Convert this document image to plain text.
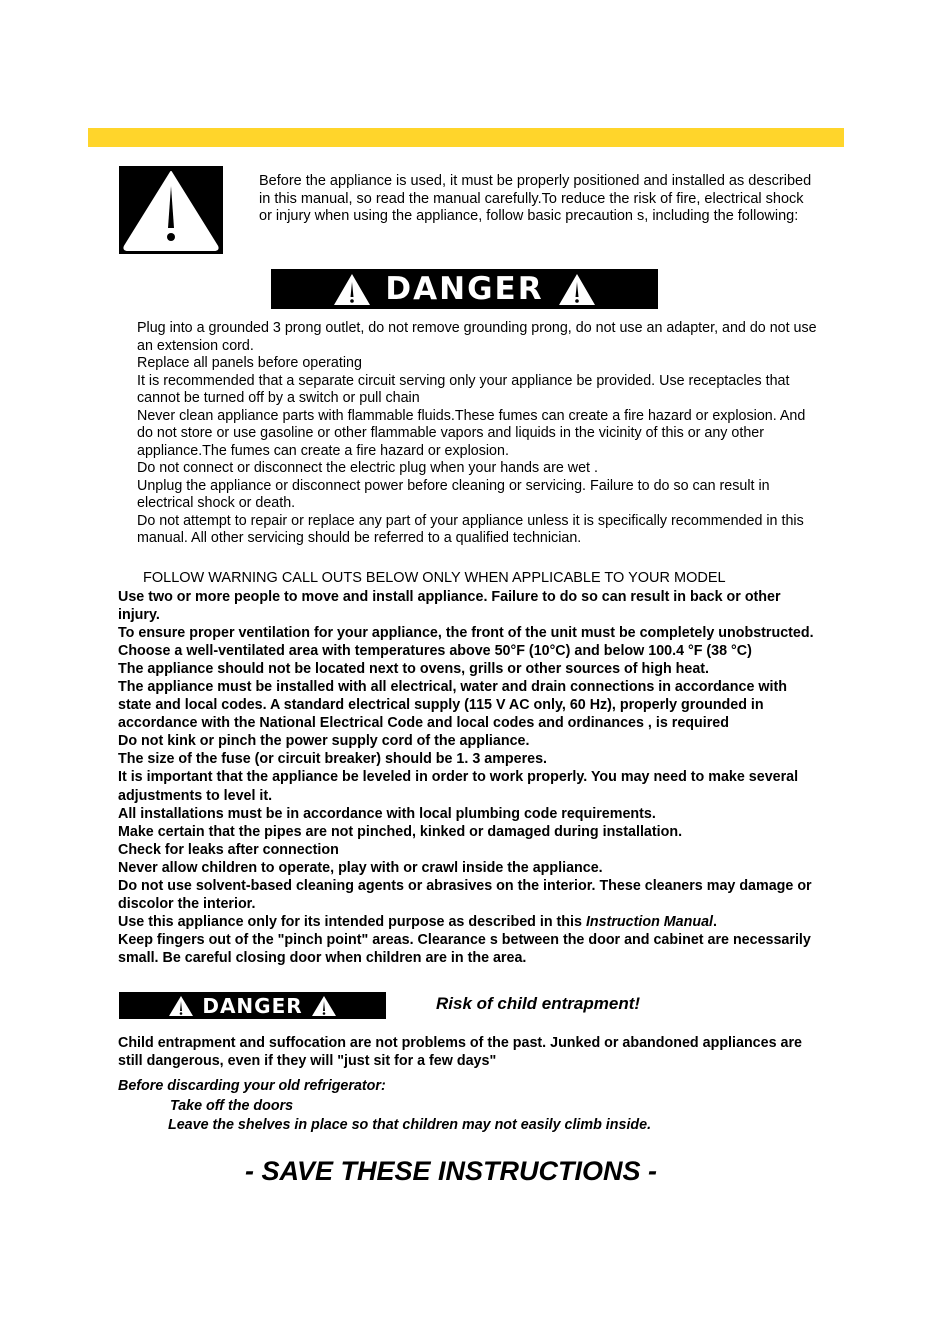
Before the appliance is used, it must be properly positioned and installed as described in this manual, so read the manual carefully.To reduce the risk of fire, electrical shock or injury when using the appliance, follow basic precaution s, including the following:

DANGER
Plug into a grounded 3 prong outlet, do not remove grounding prong, do not use an adapter, and do not use an extension cord.
Replace all panels before operating
It is recommended that a separate circuit serving only your appliance be provided. Use receptacles that cannot be turned off by a switch or pull chain
Never clean appliance parts with flammable fluids.These fumes can create a fire hazard or explosion. And do not store or use gasoline or other flammable vapors and liquids in the vicinity of this or any other appliance.The fumes can create a fire hazard or explosion.
Do not connect or disconnect the electric plug when your hands are wet .
Unplug the appliance or disconnect power before cleaning or servicing. Failure to do so can result in electrical shock or death.
Do not attempt to repair or replace any part of your appliance unless it is specifically recommended in this manual. All other servicing should be referred to a qualified technician.

FOLLOW WARNING CALL OUTS BELOW ONLY WHEN APPLICABLE TO YOUR MODEL

Use two or more people to move and install appliance. Failure to do so can result in back or other injury.
To ensure proper ventilation for your appliance, the front of the unit must be completely unobstructed.
Choose a well-ventilated area with temperatures above 50°F (10°C) and below 100.4 °F (38 °C)
The appliance should not be located next to ovens, grills or other sources of high heat.
The appliance must be installed with all electrical, water and drain connections in accordance with state and local codes. A standard electrical supply (115 V AC only, 60 Hz), properly grounded in accordance with the National Electrical Code and local codes and ordinances , is required
Do not kink or pinch the power supply cord of the appliance.
The size of the fuse (or circuit breaker) should be 1. 3 amperes.
It is important that the appliance be leveled in order to work properly. You may need to make several adjustments to level it.
All installations must be in accordance with local plumbing code requirements.
Make certain that the pipes are not pinched, kinked or damaged during installation.
Check for leaks after connection
Never allow children to operate, play with or crawl inside the appliance.
Do not use solvent-based cleaning agents or abrasives on the interior. These cleaners may damage or discolor the interior.
Use this appliance only for its intended purpose as described in this Instruction Manual.
Keep fingers out of the "pinch point" areas. Clearance s between the door and cabinet are necessarily small. Be careful closing door when children are in the area.
DANGER	Risk of child entrapment!

Child entrapment and suffocation are not problems of the past. Junked or abandoned appliances are still dangerous, even if they will "just sit for a few days"

Before discarding your old refrigerator:

Take off the doors
Leave the shelves in place so that children may not easily climb inside.

- SAVE THESE INSTRUCTIONS -
